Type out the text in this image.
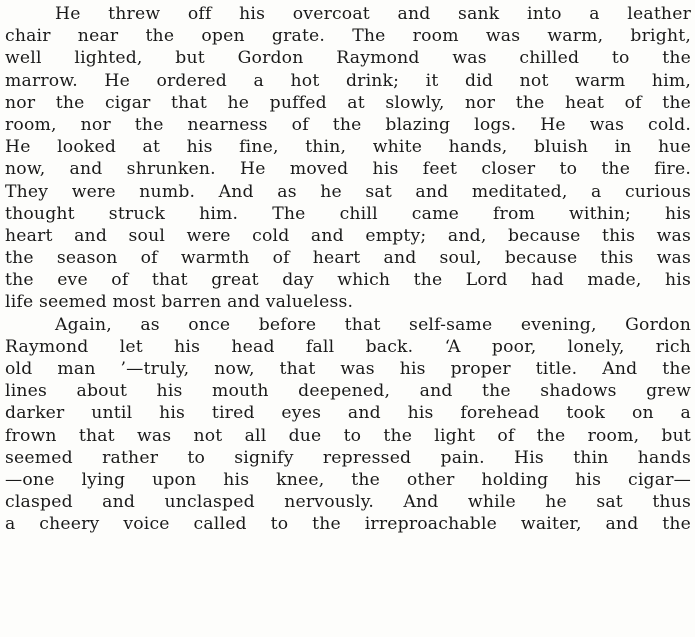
He threw off his overcoat and sank into a leather
chair near the open grate. The room was warm, bright,
well lighted, but Gordon Raymond was chilled to the
marrow. He ordered a hot drink; it did not warm him,
nor the cigar that he puffed at slowly, nor the heat of the
room, nor the nearness of the blazing logs. He was cold.
He looked at his fine, thin, white hands, bluish in hue
now, and shrunken. He moved his feet closer to the fire.
They were numb. And as he sat and meditated, a curious
thought struck him. The chill came from within; his
heart and soul were cold and empty; and, because this was
the season of warmth of heart and soul, because this was
the eve of that great day which the Lord had made, his
life seemed most barren and valueless.
Again, as once before that self-same evening, Gordon
Raymond let his head fall back. ‘A poor, lonely, rich
old man ’—truly, now, that was his proper title. And the
lines about his mouth deepened, and the shadows grew
darker until his tired eyes and his forehead took on a
frown that was not all due to the light of the room, but
seemed rather to signify repressed pain. His thin hands
—one lying upon his knee, the other holding his cigar—
clasped and unclasped nervously. And while he sat thus
a cheery voice called to the irreproachable waiter, and the
